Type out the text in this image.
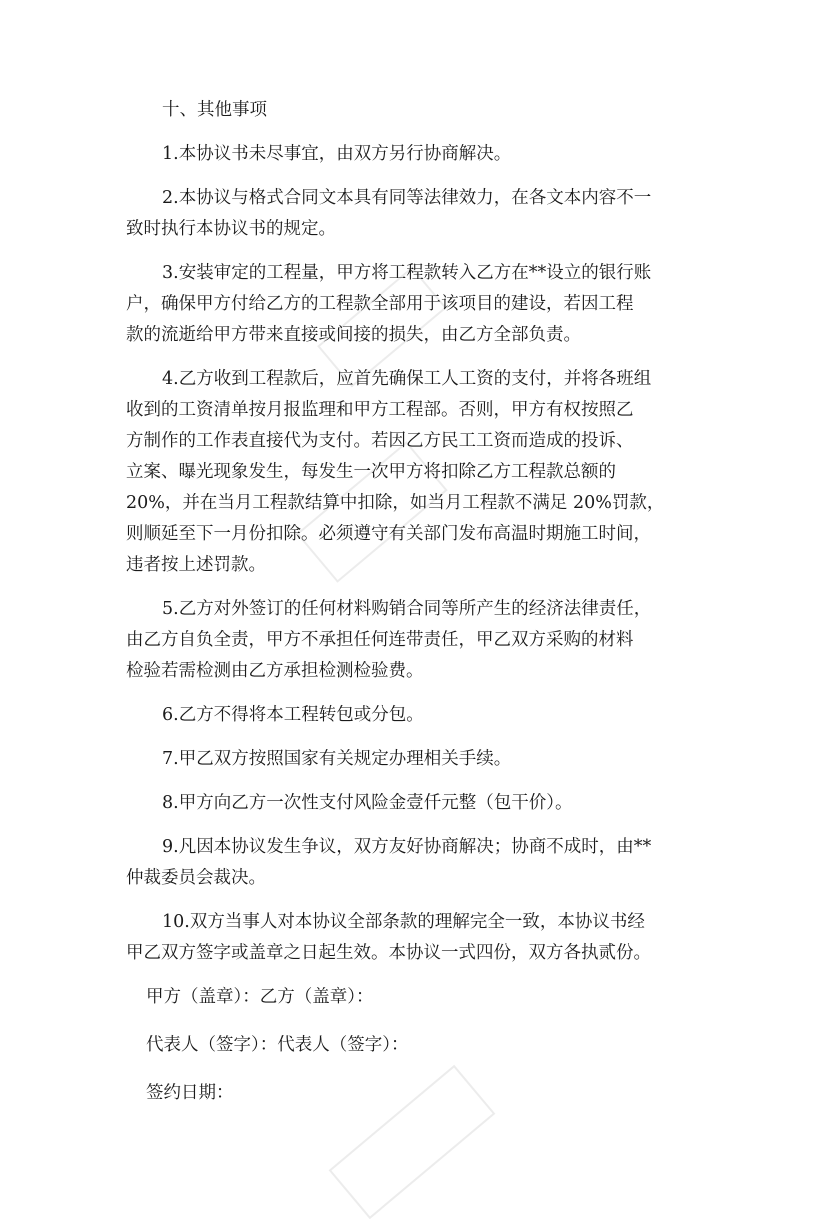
十、其他事项
1.本协议书未尽事宜，由双方另行协商解决。
2.本协议与格式合同文本具有同等法律效力，在各文本内容不一
致时执行本协议书的规定。
3.安装审定的工程量，甲方将工程款转入乙方在**设立的银行账
户，确保甲方付给乙方的工程款全部用于该项目的建设，若因工程
款的流逝给甲方带来直接或间接的损失，由乙方全部负责。
4.乙方收到工程款后，应首先确保工人工资的支付，并将各班组
收到的工资清单按月报监理和甲方工程部。否则，甲方有权按照乙
方制作的工作表直接代为支付。若因乙方民工工资而造成的投诉、
立案、曝光现象发生，每发生一次甲方将扣除乙方工程款总额的
20%，并在当月工程款结算中扣除，如当月工程款不满足 20%罚款，
则顺延至下一月份扣除。必须遵守有关部门发布高温时期施工时间，
违者按上述罚款。
5.乙方对外签订的任何材料购销合同等所产生的经济法律责任，
由乙方自负全责，甲方不承担任何连带责任，甲乙双方采购的材料
检验若需检测由乙方承担检测检验费。
6.乙方不得将本工程转包或分包。
7.甲乙双方按照国家有关规定办理相关手续。
8.甲方向乙方一次性支付风险金壹仟元整（包干价）。
9.凡因本协议发生争议，双方友好协商解决；协商不成时，由**
仲裁委员会裁决。
10.双方当事人对本协议全部条款的理解完全一致，本协议书经
甲乙双方签字或盖章之日起生效。本协议一式四份，双方各执贰份。
甲方（盖章）：乙方（盖章）：
代表人（签字）：代表人（签字）：
签约日期：
